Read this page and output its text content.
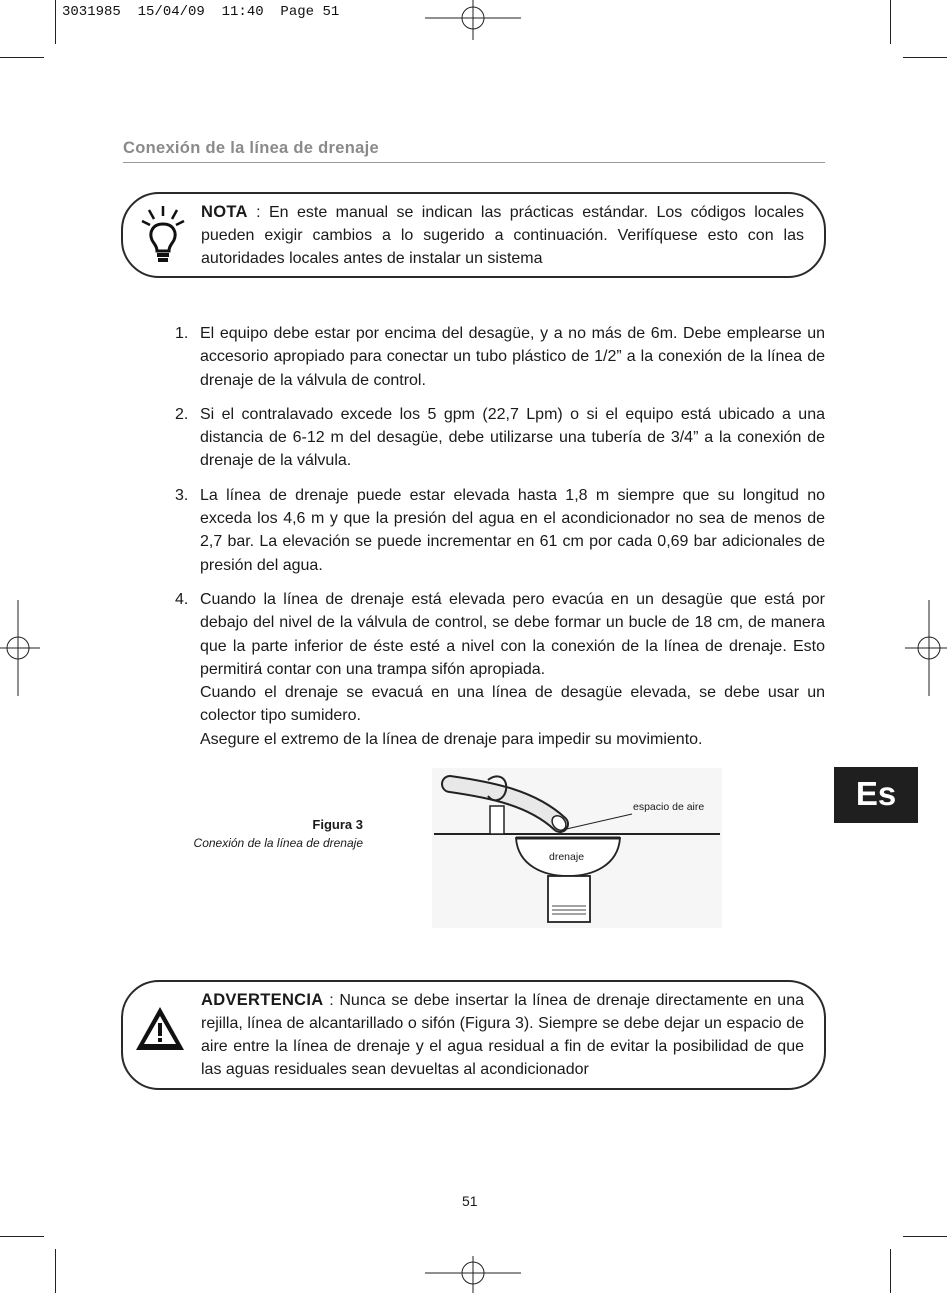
3031985  15/04/09  11:40  Page 51
Conexión de la línea de drenaje
NOTA : En este manual se indican las prácticas estándar. Los códigos locales pueden exigir cambios a lo sugerido a continuación. Verifíquese esto con las autoridades locales antes de instalar un sistema
1. El equipo debe estar por encima del desagüe, y a no más de 6m. Debe emplearse un accesorio apropiado para conectar un tubo plástico de 1/2” a la conexión de la línea de drenaje de la válvula de control.

2. Si el contralavado excede los 5 gpm (22,7 Lpm) o si el equipo está ubicado a una distancia de 6-12 m del desagüe, debe utilizarse una tubería de 3/4” a la conexión de drenaje de la válvula.

3. La línea de drenaje puede estar elevada hasta 1,8 m siempre que su longitud no exceda los 4,6 m y que la presión del agua en el acondicionador no sea de menos de 2,7 bar. La elevación se puede incrementar en 61 cm por cada 0,69 bar adicionales de presión del agua.

4. Cuando la línea de drenaje está elevada pero evacúa en un desagüe que está por debajo del nivel de la válvula de control, se debe formar un bucle de 18 cm, de manera que la parte inferior de éste esté a nivel con la conexión de la línea de drenaje. Esto permitirá contar con una trampa sifón apropiada.

Cuando el drenaje se evacuá en una línea de desagüe elevada, se debe usar un colector tipo sumidero.

Asegure el extremo de la línea de drenaje para impedir su movimiento.

Figura 3
Conexión de la línea de drenaje
espacio de aire
drenaje
ADVERTENCIA : Nunca se debe insertar la línea de drenaje directamente en una rejilla, línea de alcantarillado o sifón (Figura 3). Siempre se debe dejar un espacio de aire entre la línea de drenaje y el agua residual a fin de evitar la posibilidad de que las aguas residuales sean devueltas al acondicionador
Es
51
